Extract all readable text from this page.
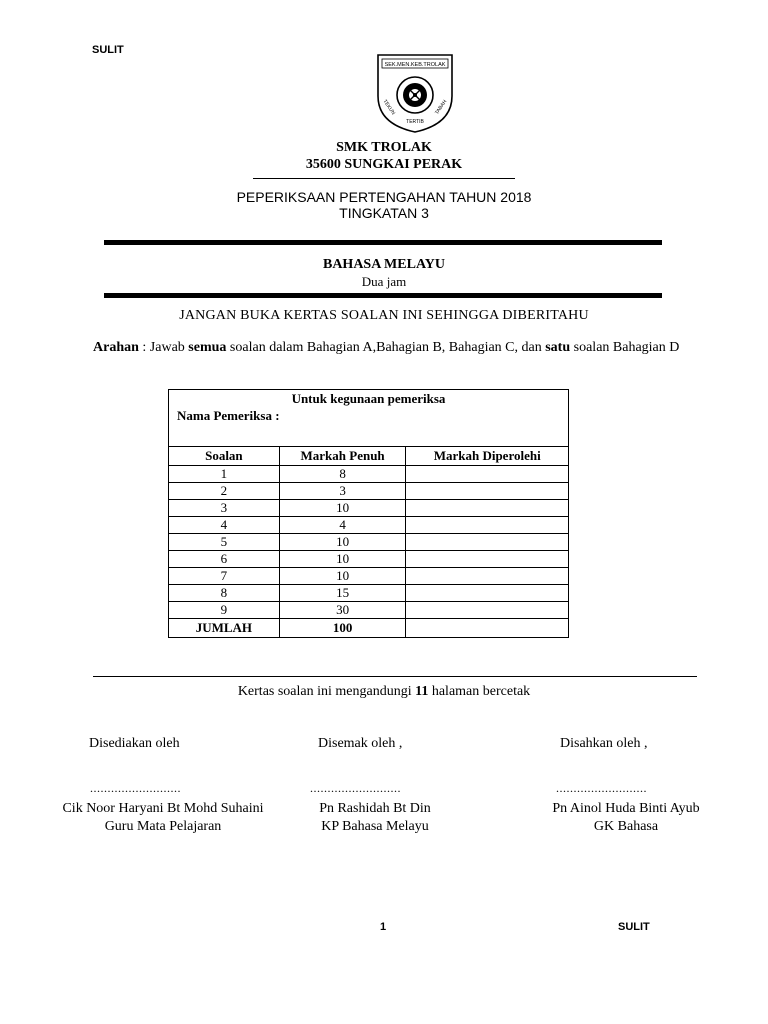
SULIT
SEK.MEN.KEB.TROLAK
TEKUN
TERTIB
TABAH
SMK TROLAK
35600 SUNGKAI PERAK
PEPERIKSAAN PERTENGAHAN TAHUN 2018
TINGKATAN 3
BAHASA MELAYU
Dua jam
JANGAN BUKA KERTAS SOALAN INI SEHINGGA DIBERITAHU
Arahan : Jawab semua soalan dalam Bahagian A,Bahagian B, Bahagian C, dan satu soalan Bahagian D
Untuk kegunaan pemeriksa		
Nama Pemeriksa :		
Soalan	Markah Penuh	Markah Diperolehi
1	8	
2	3	
3	10	
4	4	
5	10	
6	10	
7	10	
8	15	
9	30	
JUMLAH	100	
Kertas soalan ini mengandungi 11 halaman bercetak
Disediakan oleh	Disemak oleh ,	Disahkan oleh ,
..........................	..........................	..........................
Cik Noor Haryani Bt Mohd Suhaini
Guru Mata Pelajaran
Pn Rashidah Bt Din
KP Bahasa Melayu
Pn Ainol Huda Binti Ayub
GK Bahasa
1	SULIT
